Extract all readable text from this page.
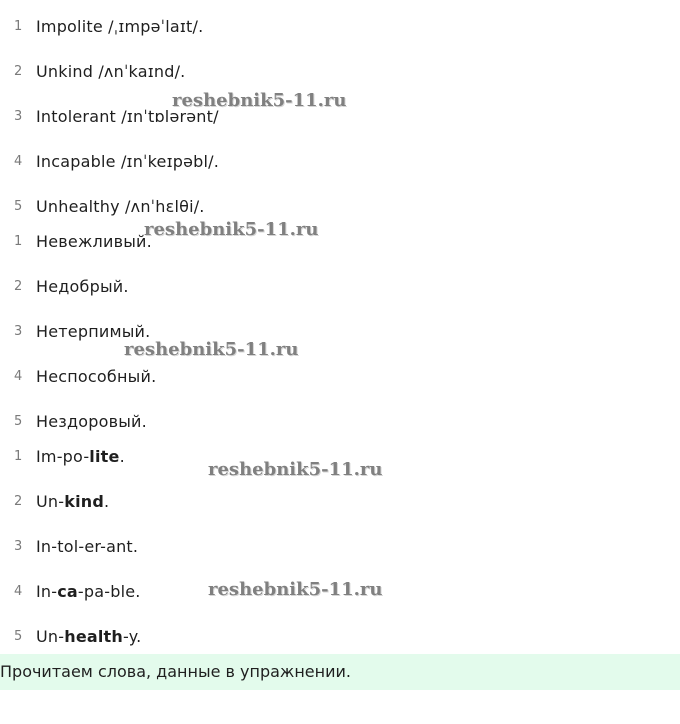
1 Impolite /ˌɪmpəˈlaɪt/.
2 Unkind /ʌnˈkaɪnd/.
3 Intolerant /ɪnˈtɒlərənt/
4 Incapable /ɪnˈkeɪpəbl/.
5 Unhealthy /ʌnˈhɛlθi/.
1 Невежливый.
2 Недобрый.
3 Нетерпимый.
4 Неспособный.
5 Нездоровый.
1 Im-po-lite.
2 Un-kind.
3 In-tol-er-ant.
4 In-ca-pa-ble.
5 Un-health-y.
reshebnik5-11.ru
reshebnik5-11.ru
reshebnik5-11.ru
reshebnik5-11.ru
reshebnik5-11.ru
Прочитаем слова, данные в упражнении.
